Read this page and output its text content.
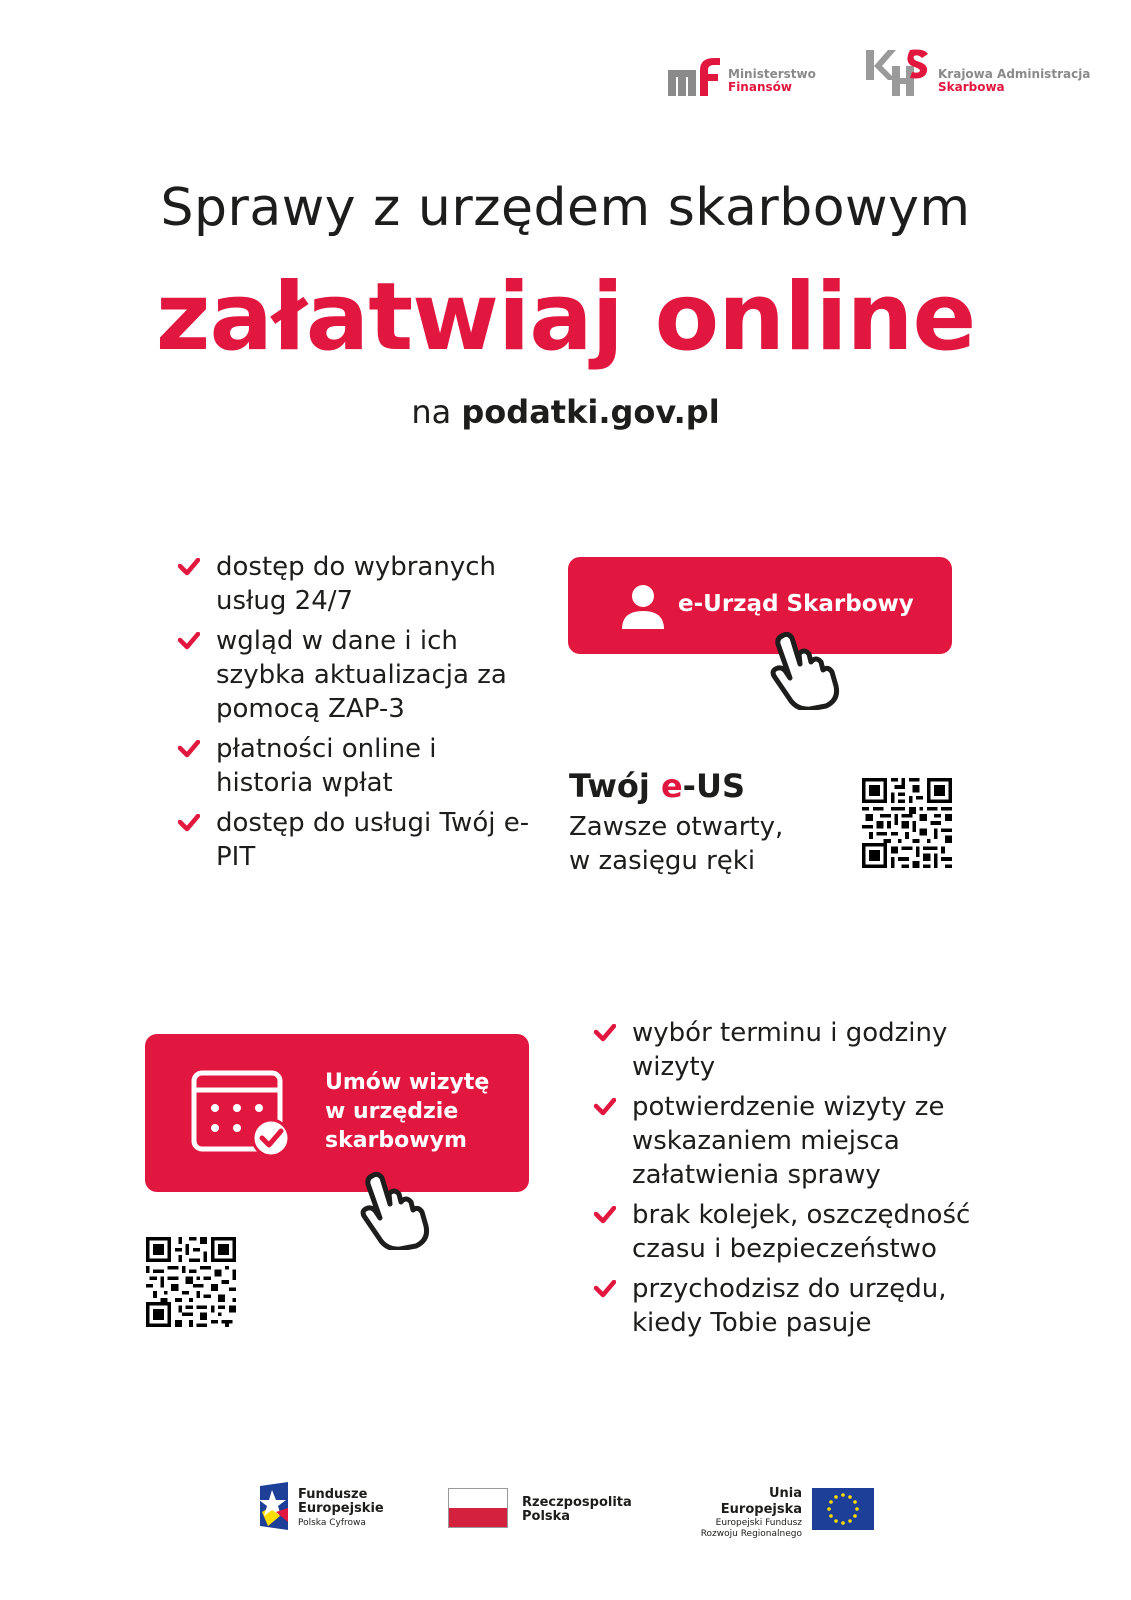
Ministerstwo
Finansów
Krajowa Administracja
Skarbowa
Sprawy z urzędem skarbowym
załatwiaj online
na podatki.gov.pl
dostęp do wybranych usług 24/7
wgląd w dane i ich szybka aktualizacja za pomocą ZAP-3
płatności online i historia wpłat
dostęp do usługi Twój e-PIT
e-Urząd Skarbowy
Twój e-US
Zawsze otwarty,
w zasięgu ręki
Umów wizytę
w urzędzie
skarbowym
wybór terminu i godziny wizyty
potwierdzenie wizyty ze wskazaniem miejsca załatwienia sprawy
brak kolejek, oszczędność czasu i bezpieczeństwo
przychodzisz do urzędu, kiedy Tobie pasuje
Fundusze
Europejskie
Polska Cyfrowa
Rzeczpospolita
Polska
Unia Europejska
Europejski Fundusz
Rozwoju Regionalnego
